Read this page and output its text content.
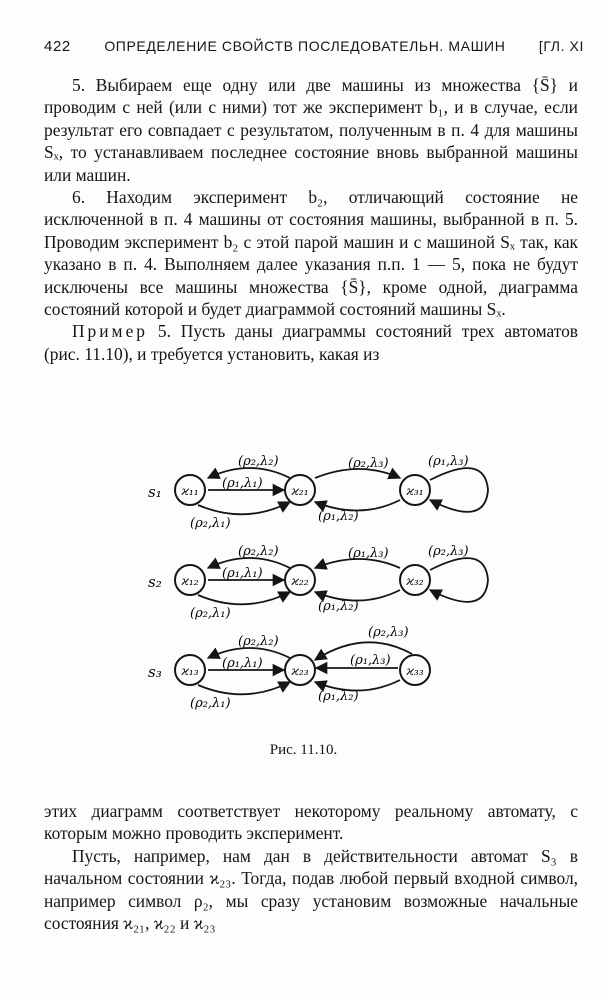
422 ОПРЕДЕЛЕНИЕ СВОЙСТВ ПОСЛЕДОВАТЕЛЬН. МАШИН [ГЛ. XI

5. Выбираем еще одну или две машины из множества {S̄} и проводим с ней (или с ними) тот же эксперимент b₁, и в случае, если результат его совпадает с результатом, полученным в п. 4 для машины Sₓ, то устанавливаем последнее состояние вновь выбранной машины или машин.

6. Находим эксперимент b₂, отличающий состояние не исключенной в п. 4 машины от состояния машины, выбранной в п. 5. Проводим эксперимент b₂ с этой парой машин и с машиной Sₓ так, как указано в п. 4. Выполняем далее указания п.п. 1 — 5, пока не будут исключены все машины множества {S̄}, кроме одной, диаграмма состояний которой и будет диаграммой состояний машины Sₓ.

Пример 5. Пусть даны диаграммы состояний трех автоматов (рис. 11.10), и требуется установить, какая из

s₁ ϰ₁₁	ϰ₂₁	ϰ₃₁
(ρ₂,λ₂)
(ρ₁,λ₁)
(ρ₂,λ₁)
(ρ₂,λ₃)
(ρ₁,λ₂)
(ρ₁,λ₃)
s₂ ϰ₁₂	ϰ₂₂	ϰ₃₂
(ρ₂,λ₂)
(ρ₁,λ₁)
(ρ₂,λ₁)
(ρ₁,λ₃)
(ρ₁,λ₂)
(ρ₂,λ₃)
s₃ ϰ₁₃	ϰ₂₃	ϰ₃₃
(ρ₂,λ₂)
(ρ₁,λ₁)
(ρ₂,λ₁)
(ρ₂,λ₃)
(ρ₁,λ₃)
(ρ₁,λ₂)
Рис. 11.10.

этих диаграмм соответствует некоторому реальному автомату, с которым можно проводить эксперимент.

Пусть, например, нам дан в действительности автомат S₃ в начальном состоянии ϰ₂₃. Тогда, подав любой первый входной символ, например символ ρ₂, мы сразу установим возможные начальные состояния ϰ₂₁, ϰ₂₂ и ϰ₂₃
